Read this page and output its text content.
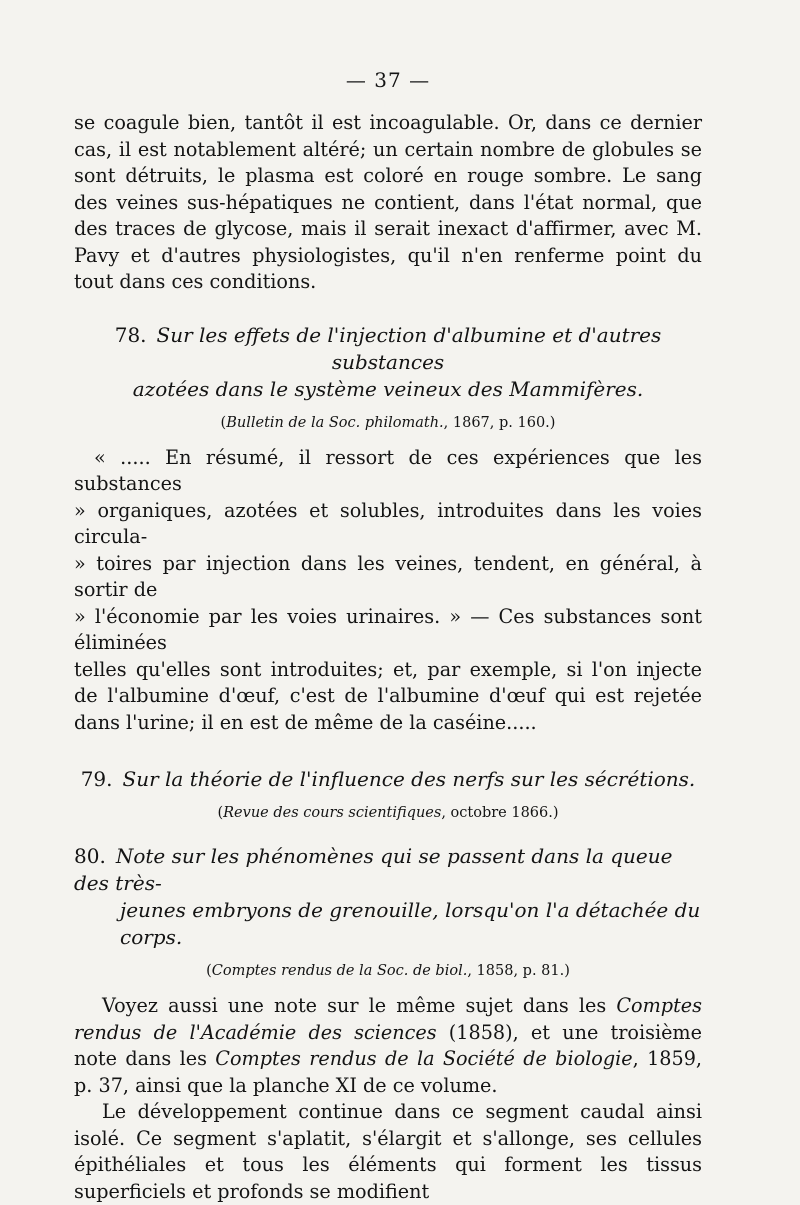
— 37 —

se coagule bien, tantôt il est incoagulable. Or, dans ce dernier cas, il est notablement altéré; un certain nombre de globules se sont détruits, le plasma est coloré en rouge sombre. Le sang des veines sus-hépatiques ne contient, dans l'état normal, que des traces de glycose, mais il serait inexact d'affirmer, avec M. Pavy et d'autres physiologistes, qu'il n'en renferme point du tout dans ces conditions.

78. Sur les effets de l'injection d'albumine et d'autres substances
azotées dans le système veineux des Mammifères.
(Bulletin de la Soc. philomath., 1867, p. 160.)
« ..... En résumé, il ressort de ces expériences que les substances
» organiques, azotées et solubles, introduites dans les voies circula-
» toires par injection dans les veines, tendent, en général, à sortir de
» l'économie par les voies urinaires. » — Ces substances sont éliminées

telles qu'elles sont introduites; et, par exemple, si l'on injecte de l'albumine d'œuf, c'est de l'albumine d'œuf qui est rejetée dans l'urine; il en est de même de la caséine.....

79. Sur la théorie de l'influence des nerfs sur les sécrétions.
(Revue des cours scientifiques, octobre 1866.)
80. Note sur les phénomènes qui se passent dans la queue des très-
jeunes embryons de grenouille, lorsqu'on l'a détachée du corps.
(Comptes rendus de la Soc. de biol., 1858, p. 81.)

Voyez aussi une note sur le même sujet dans les Comptes rendus de l'Académie des sciences (1858), et une troisième note dans les Comptes rendus de la Société de biologie, 1859, p. 37, ainsi que la planche XI de ce volume.

Le développement continue dans ce segment caudal ainsi isolé. Ce segment s'aplatit, s'élargit et s'allonge, ses cellules épithéliales et tous les éléments qui forment les tissus superficiels et profonds se modifient
